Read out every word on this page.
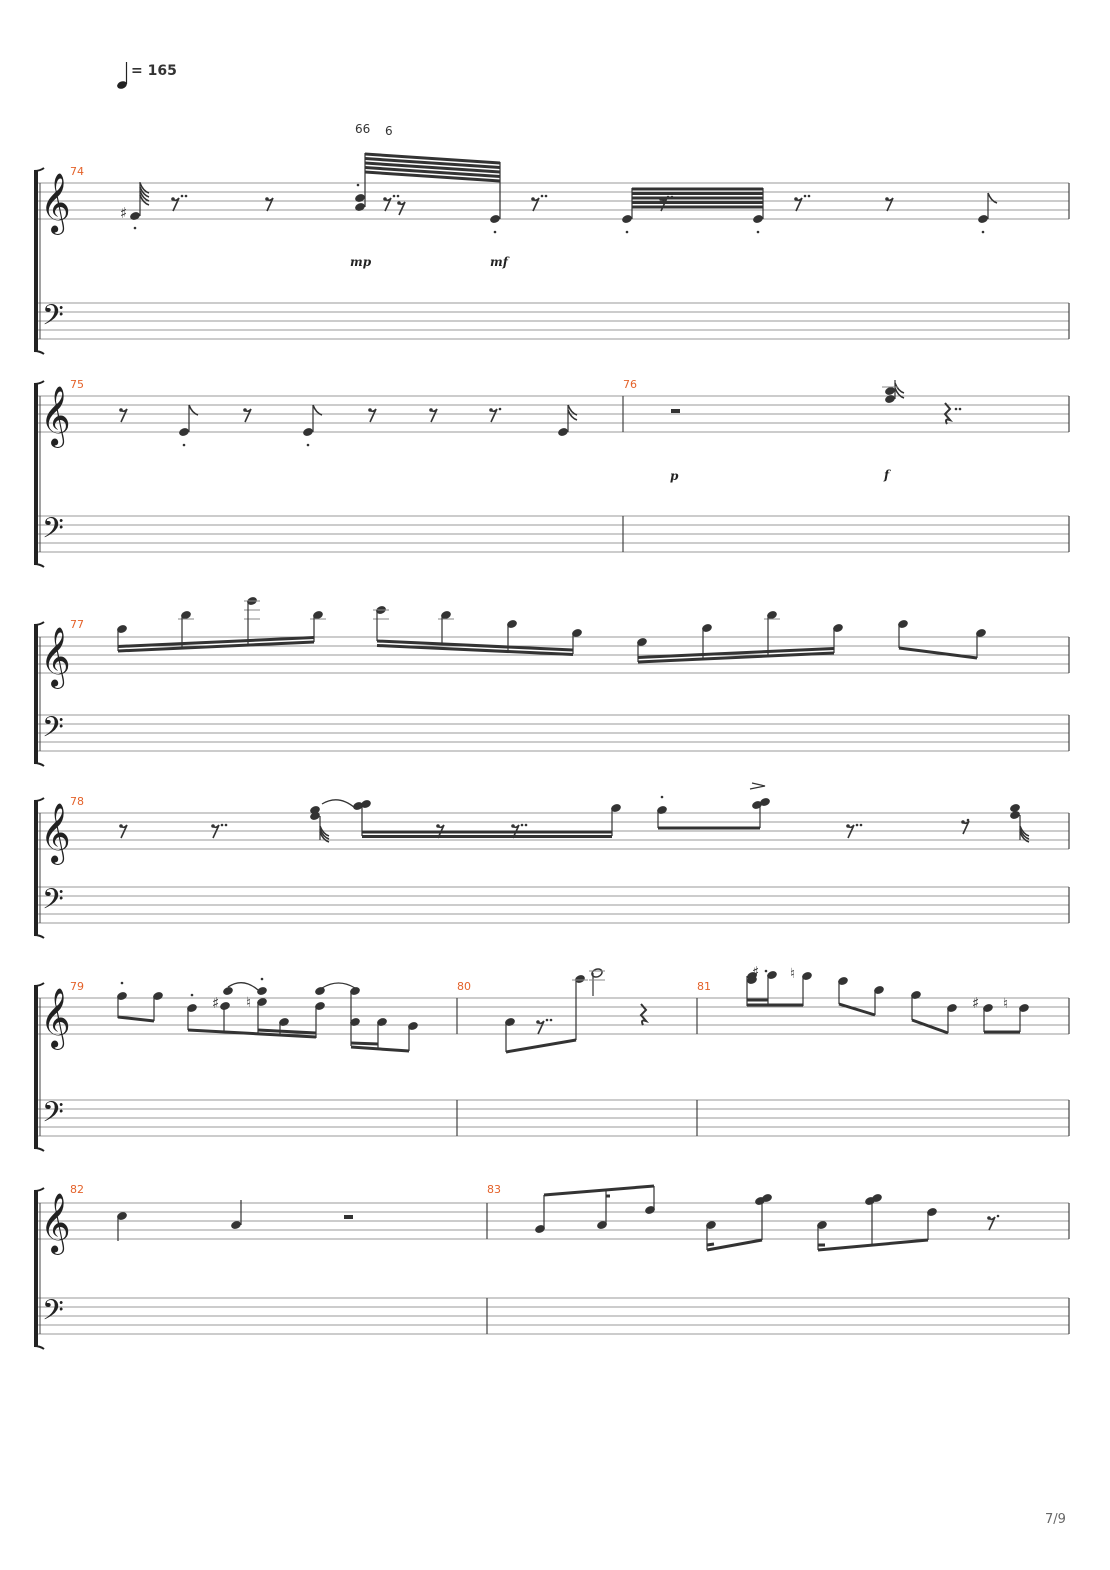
= 165
𝄞
𝄢
𝄞
𝄢
𝄞
𝄢
𝄞
𝄢
𝄞
𝄢
𝄞
𝄢
66 6
mp	mf
p	f
74
75	76
77
78
79	80	81
82	83
♯
♯ ♮
♯ ♮
♯ ♮
7/9
